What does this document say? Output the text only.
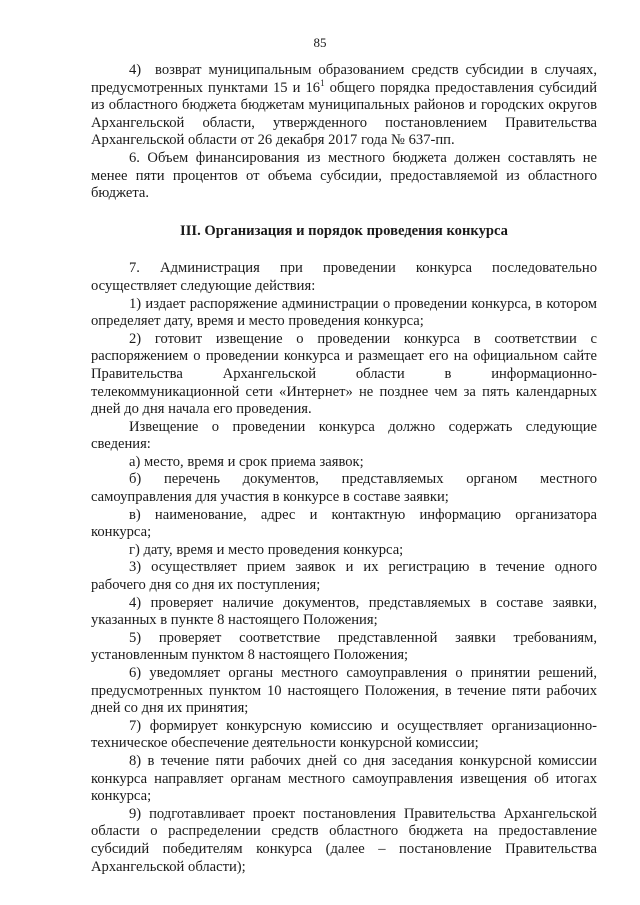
85

4)  возврат муниципальным образованием средств субсидии в случаях, предусмотренных пунктами 15 и $16^1$ общего порядка предоставления субсидий из областного бюджета бюджетам муниципальных районов и городских округов Архангельской области, утвержденного постановлением Правительства Архангельской области от 26 декабря 2017 года № 637-пп.

6. Объем финансирования из местного бюджета должен составлять не менее пяти процентов от объема субсидии, предоставляемой из областного бюджета.

III. Организация и порядок проведения конкурса

7. Администрация при проведении конкурса последовательно осуществляет следующие действия:

1) издает распоряжение администрации о проведении конкурса, в котором определяет дату, время и место проведения конкурса;

2) готовит извещение о проведении конкурса в соответствии с распоряжением о проведении конкурса и размещает его на официальном сайте Правительства Архангельской области в информационно-телекоммуникационной сети «Интернет» не позднее чем за пять календарных дней до дня начала его проведения.

Извещение о проведении конкурса должно содержать следующие сведения:

а) место, время и срок приема заявок;

б) перечень документов, представляемых органом местного самоуправления для участия в конкурсе в составе заявки;

в) наименование, адрес и контактную информацию организатора конкурса;

г) дату, время и место проведения конкурса;

3) осуществляет прием заявок и их регистрацию в течение одного рабочего дня со дня их поступления;

4) проверяет наличие документов, представляемых в составе заявки, указанных в пункте 8 настоящего Положения;

5) проверяет соответствие представленной заявки требованиям, установленным пунктом 8 настоящего Положения;

6) уведомляет органы местного самоуправления о принятии решений, предусмотренных пунктом 10 настоящего Положения, в течение пяти рабочих дней со дня их принятия;

7) формирует конкурсную комиссию и осуществляет организационно-техническое обеспечение деятельности конкурсной комиссии;

8) в течение пяти рабочих дней со дня заседания конкурсной комиссии конкурса направляет органам местного самоуправления извещения об итогах конкурса;

9) подготавливает проект постановления Правительства Архангельской области о распределении средств областного бюджета на предоставление субсидий победителям конкурса (далее – постановление Правительства Архангельской области);
